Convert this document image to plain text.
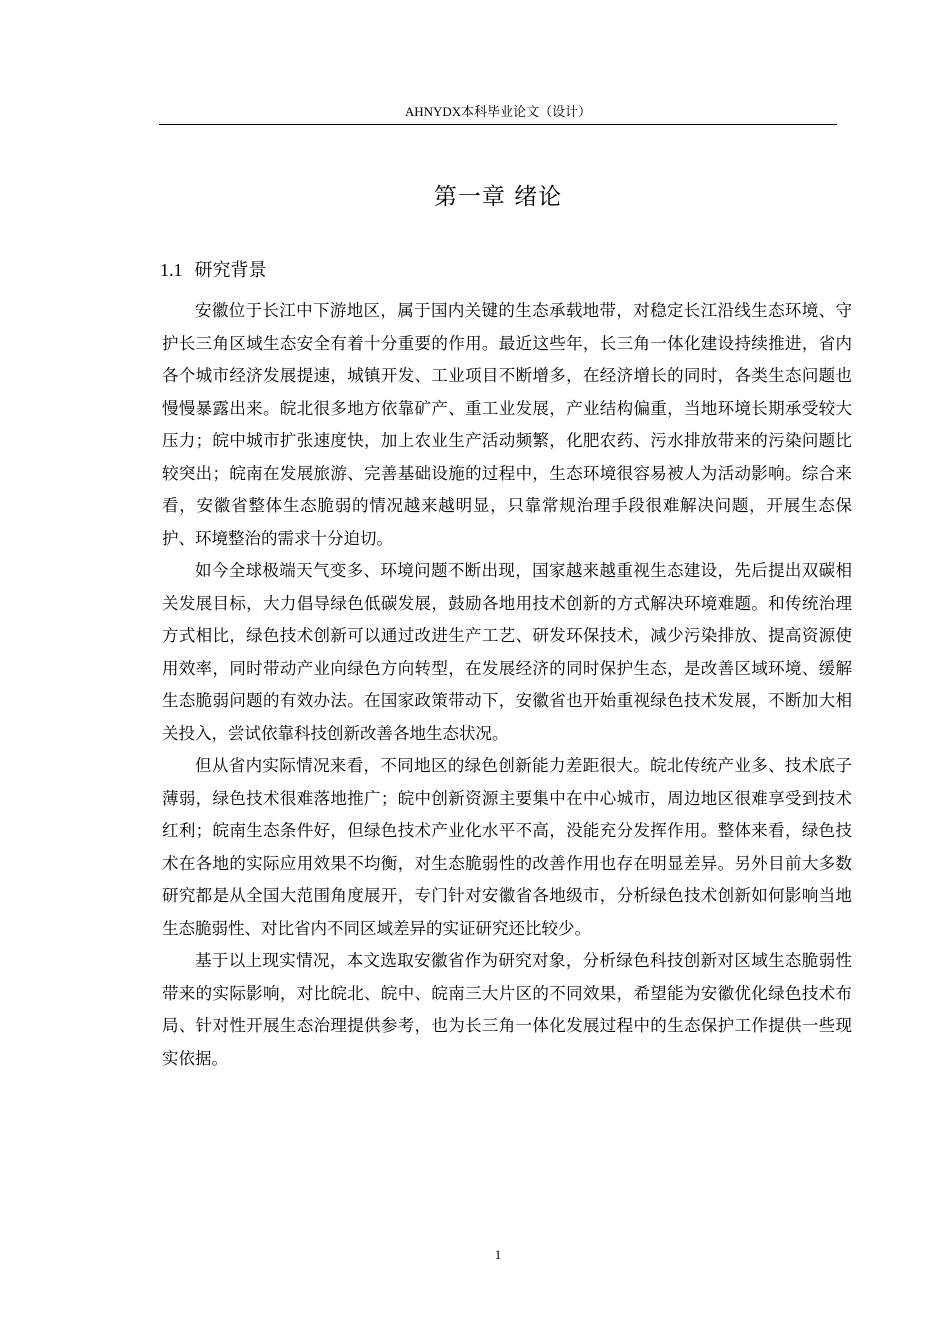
AHNYDX本科毕业论文（设计）
第一章 绪论
1.1 研究背景

安徽位于长江中下游地区，属于国内关键的生态承载地带，对稳定长江沿线生态环境、守护长三角区域生态安全有着十分重要的作用。最近这些年，长三角一体化建设持续推进，省内各个城市经济发展提速，城镇开发、工业项目不断增多，在经济增长的同时，各类生态问题也慢慢暴露出来。皖北很多地方依靠矿产、重工业发展，产业结构偏重，当地环境长期承受较大压力；皖中城市扩张速度快，加上农业生产活动频繁，化肥农药、污水排放带来的污染问题比较突出；皖南在发展旅游、完善基础设施的过程中，生态环境很容易被人为活动影响。综合来看，安徽省整体生态脆弱的情况越来越明显，只靠常规治理手段很难解决问题，开展生态保护、环境整治的需求十分迫切。

如今全球极端天气变多、环境问题不断出现，国家越来越重视生态建设，先后提出双碳相关发展目标，大力倡导绿色低碳发展，鼓励各地用技术创新的方式解决环境难题。和传统治理方式相比，绿色技术创新可以通过改进生产工艺、研发环保技术，减少污染排放、提高资源使用效率，同时带动产业向绿色方向转型，在发展经济的同时保护生态，是改善区域环境、缓解生态脆弱问题的有效办法。在国家政策带动下，安徽省也开始重视绿色技术发展，不断加大相关投入，尝试依靠科技创新改善各地生态状况。

但从省内实际情况来看，不同地区的绿色创新能力差距很大。皖北传统产业多、技术底子薄弱，绿色技术很难落地推广；皖中创新资源主要集中在中心城市，周边地区很难享受到技术红利；皖南生态条件好，但绿色技术产业化水平不高，没能充分发挥作用。整体来看，绿色技术在各地的实际应用效果不均衡，对生态脆弱性的改善作用也存在明显差异。另外目前大多数研究都是从全国大范围角度展开，专门针对安徽省各地级市，分析绿色技术创新如何影响当地生态脆弱性、对比省内不同区域差异的实证研究还比较少。

基于以上现实情况，本文选取安徽省作为研究对象，分析绿色科技创新对区域生态脆弱性带来的实际影响，对比皖北、皖中、皖南三大片区的不同效果，希望能为安徽优化绿色技术布局、针对性开展生态治理提供参考，也为长三角一体化发展过程中的生态保护工作提供一些现实依据。

1
